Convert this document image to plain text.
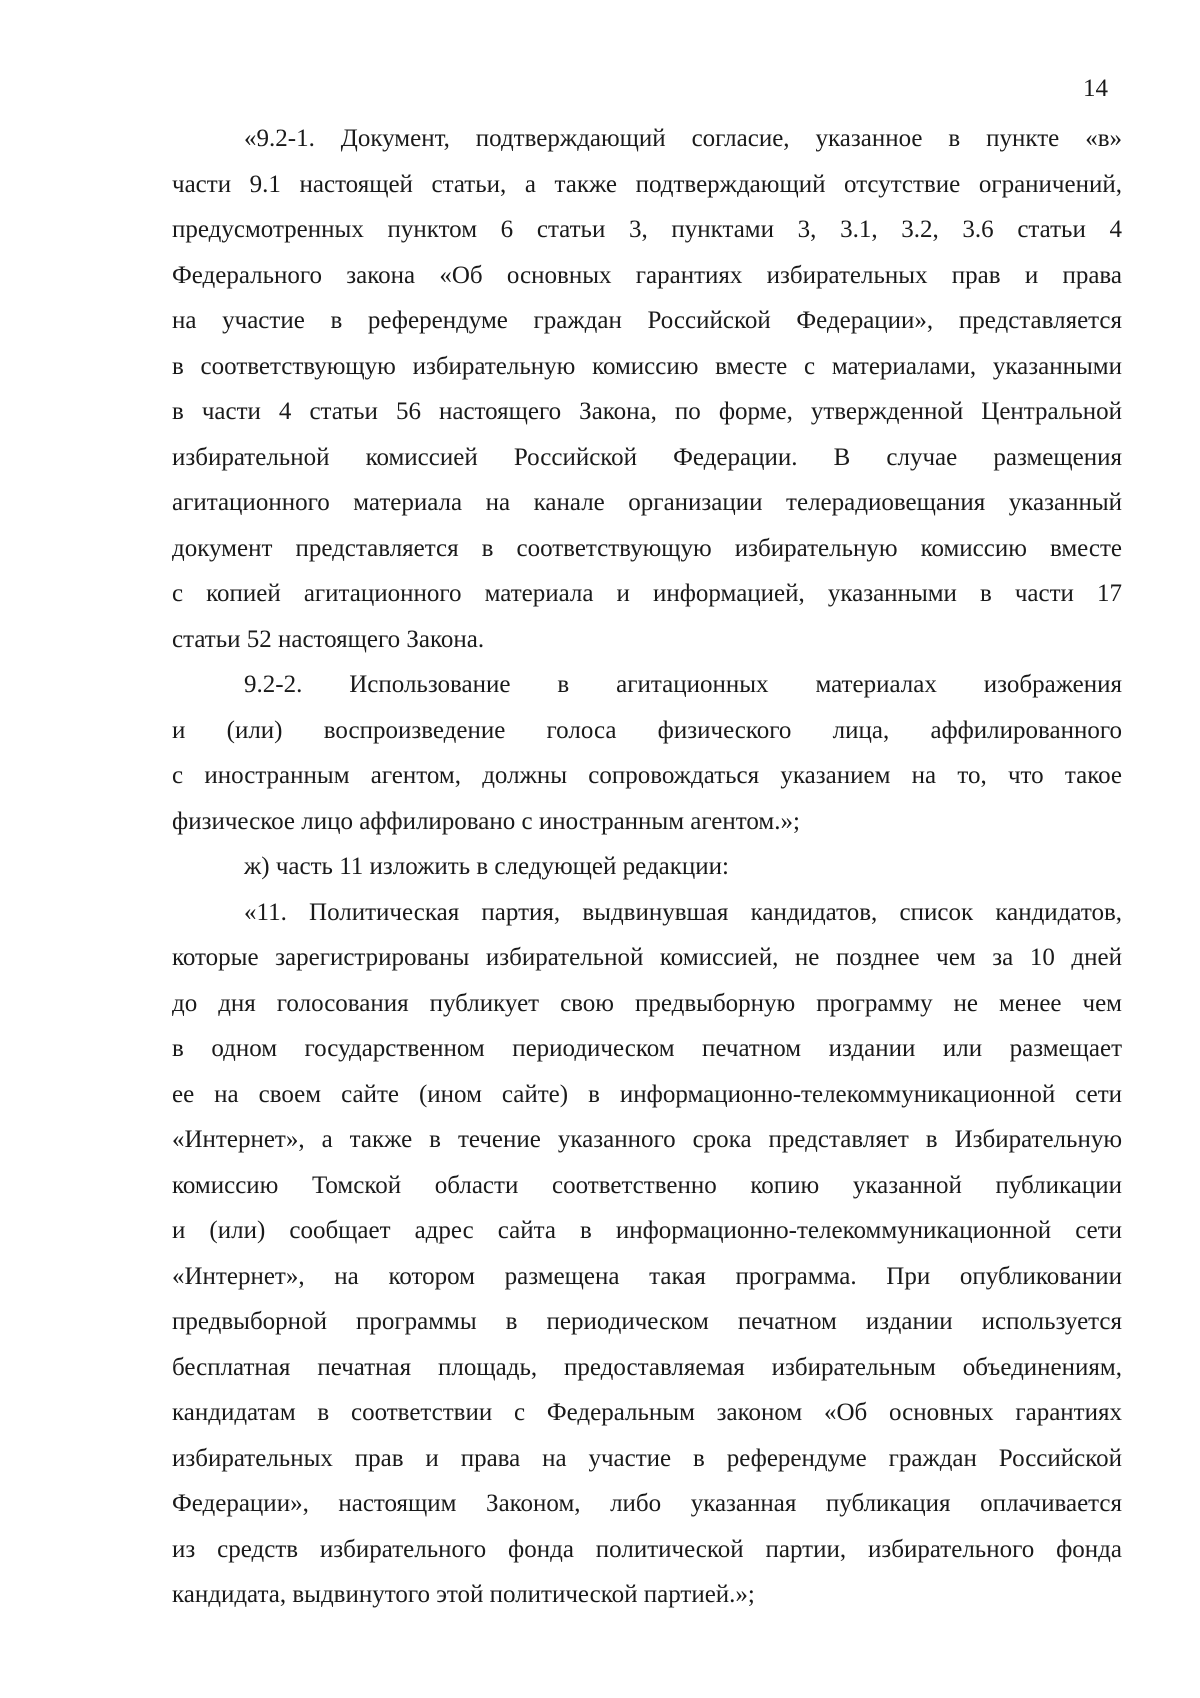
14
«9.2-1. Документ, подтверждающий согласие, указанное в пункте «в»
части 9.1 настоящей статьи, а также подтверждающий отсутствие ограничений,
предусмотренных пунктом 6 статьи 3, пунктами 3, 3.1, 3.2, 3.6 статьи 4
Федерального закона «Об основных гарантиях избирательных прав и права
на участие в референдуме граждан Российской Федерации», представляется
в соответствующую избирательную комиссию вместе с материалами, указанными
в части 4 статьи 56 настоящего Закона, по форме, утвержденной Центральной
избирательной комиссией Российской Федерации. В случае размещения
агитационного материала на канале организации телерадиовещания указанный
документ представляется в соответствующую избирательную комиссию вместе
с копией агитационного материала и информацией, указанными в части 17
статьи 52 настоящего Закона.
9.2-2. Использование в агитационных материалах изображения
и (или) воспроизведение голоса физического лица, аффилированного
с иностранным агентом, должны сопровождаться указанием на то, что такое
физическое лицо аффилировано с иностранным агентом.»;
ж) часть 11 изложить в следующей редакции:
«11. Политическая партия, выдвинувшая кандидатов, список кандидатов,
которые зарегистрированы избирательной комиссией, не позднее чем за 10 дней
до дня голосования публикует свою предвыборную программу не менее чем
в одном государственном периодическом печатном издании или размещает
ее на своем сайте (ином сайте) в информационно-телекоммуникационной сети
«Интернет», а также в течение указанного срока представляет в Избирательную
комиссию Томской области соответственно копию указанной публикации
и (или) сообщает адрес сайта в информационно-телекоммуникационной сети
«Интернет», на котором размещена такая программа. При опубликовании
предвыборной программы в периодическом печатном издании используется
бесплатная печатная площадь, предоставляемая избирательным объединениям,
кандидатам в соответствии с Федеральным законом «Об основных гарантиях
избирательных прав и права на участие в референдуме граждан Российской
Федерации», настоящим Законом, либо указанная публикация оплачивается
из средств избирательного фонда политической партии, избирательного фонда
кандидата, выдвинутого этой политической партией.»;
